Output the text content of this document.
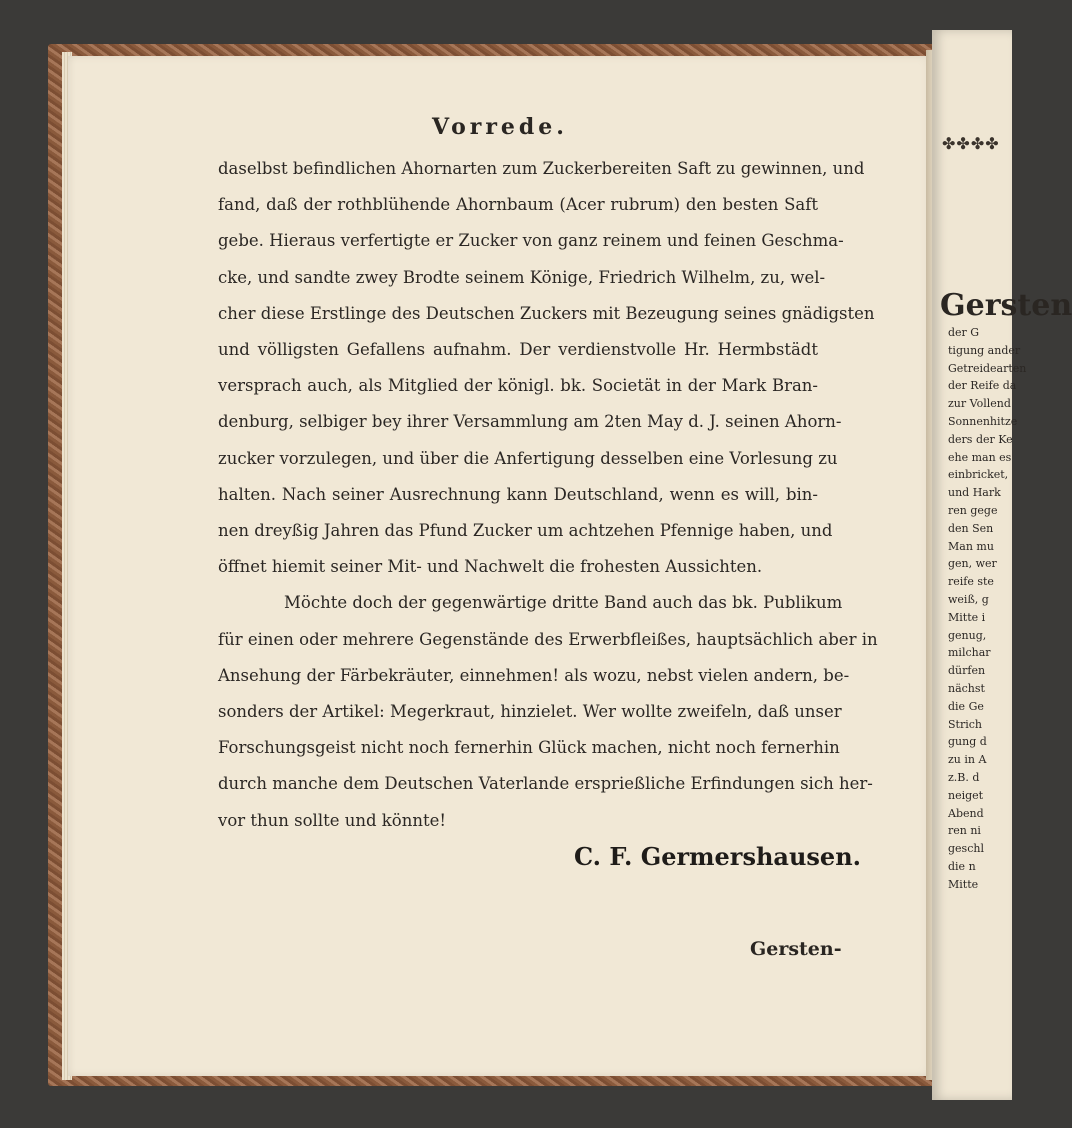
✤✤✤✤
Gersten
der G
tigung ander
Getreidearten
der Reife da
zur Vollend
Sonnenhitze
ders der Ke
ehe man es
einbricket,
und Hark
ren gege
den Sen
Man mu
gen, wer
reife ste
weiß, g
Mitte i
genug,
milchar
dürfen
nächst
die Ge
Strich
gung d
zu in A
z.B. d
neiget
Abend
ren ni
geschl
die n
Mitte
Vorrede.
daselbst befindlichen Ahornarten zum Zuckerbereiten Saft zu gewinnen, und
fand, daß der rothblühende Ahornbaum (Acer rubrum) den besten Saft
gebe. Hieraus verfertigte er Zucker von ganz reinem und feinen Geschma-
cke, und sandte zwey Brodte seinem Könige, Friedrich Wilhelm, zu, wel-
cher diese Erstlinge des Deutschen Zuckers mit Bezeugung seines gnädigsten
und völligsten Gefallens aufnahm. Der verdienstvolle Hr. Hermbstädt
versprach auch, als Mitglied der königl. bk. Societät in der Mark Bran-
denburg, selbiger bey ihrer Versammlung am 2ten May d. J. seinen Ahorn-
zucker vorzulegen, und über die Anfertigung desselben eine Vorlesung zu
halten. Nach seiner Ausrechnung kann Deutschland, wenn es will, bin-
nen dreyßig Jahren das Pfund Zucker um achtzehen Pfennige haben, und
öffnet hiemit seiner Mit- und Nachwelt die frohesten Aussichten.
Möchte doch der gegenwärtige dritte Band auch das bk. Publikum
für einen oder mehrere Gegenstände des Erwerbfleißes, hauptsächlich aber in
Ansehung der Färbekräuter, einnehmen! als wozu, nebst vielen andern, be-
sonders der Artikel: Megerkraut, hinzielet. Wer wollte zweifeln, daß unser
Forschungsgeist nicht noch fernerhin Glück machen, nicht noch fernerhin
durch manche dem Deutschen Vaterlande ersprießliche Erfindungen sich her-
vor thun sollte und könnte!
C. F. Germershausen.
Gersten-
